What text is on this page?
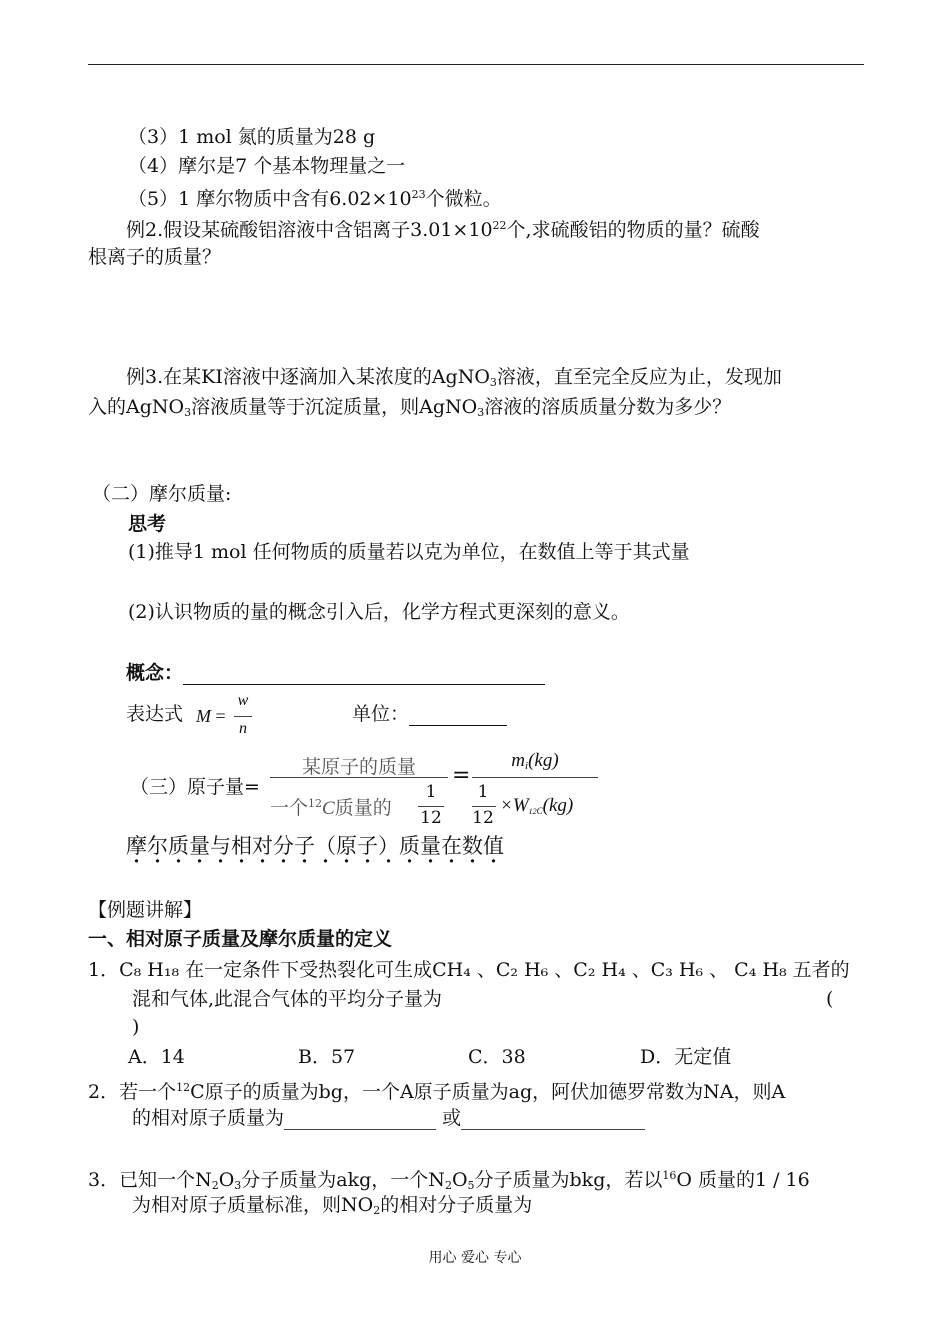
（3）1 mol 氮的质量为28 g
（4）摩尔是7 个基本物理量之一
（5）1 摩尔物质中含有$6.02\times 10^{23}$个微粒。
例2.假设某硫酸铝溶液中含铝离子$3.01\times 10^{22}$个,求硫酸铝的物质的量？硫酸
根离子的质量？
例3.在某KI溶液中逐滴加入某浓度的AgNO$_3$溶液，直至完全反应为止，发现加
入的AgNO$_3$溶液质量等于沉淀质量，则AgNO$_3$溶液的溶质质量分数为多少？
（二）摩尔质量:
思考
(1)推导1 mol 任何物质的质量若以克为单位，在数值上等于其式量
(2)认识物质的量的概念引入后，化学方程式更深刻的意义。
概念：
表达式 M =
w
n
单位：
（三）原子量=
某原子的质量
一个$^{12}$C质量的
1
12
=
$m_i(kg)$
1
12
$\times W_{12C}(kg)$
摩尔质量与相对分子（ ·原子） ·质量在数值
【例题讲解】
一、相对原子质量及摩尔质量的定义
1．C₈ H₁₈ 在一定条件下受热裂化可生成CH₄ 、C₂ H₆ 、C₂ H₄ 、C₃ H₆ 、 C₄ H₈ 五者的
混和气体,此混合气体的平均分子量为	(
)
A．14	B．57	C．38	D．无定值
2．若一个$^{12}$C原子的质量为bg，一个A原子质量为ag，阿伏加德罗常数为NA，则A
的相对原子质量为	或
3．已知一个$N_2O_3$分子质量为akg，一个$N_2O_5$分子质量为bkg，若以$^{16}$O 质量的1 / 16
为相对原子质量标准，则$NO_2$的相对分子质量为
用心 爱心 专心
